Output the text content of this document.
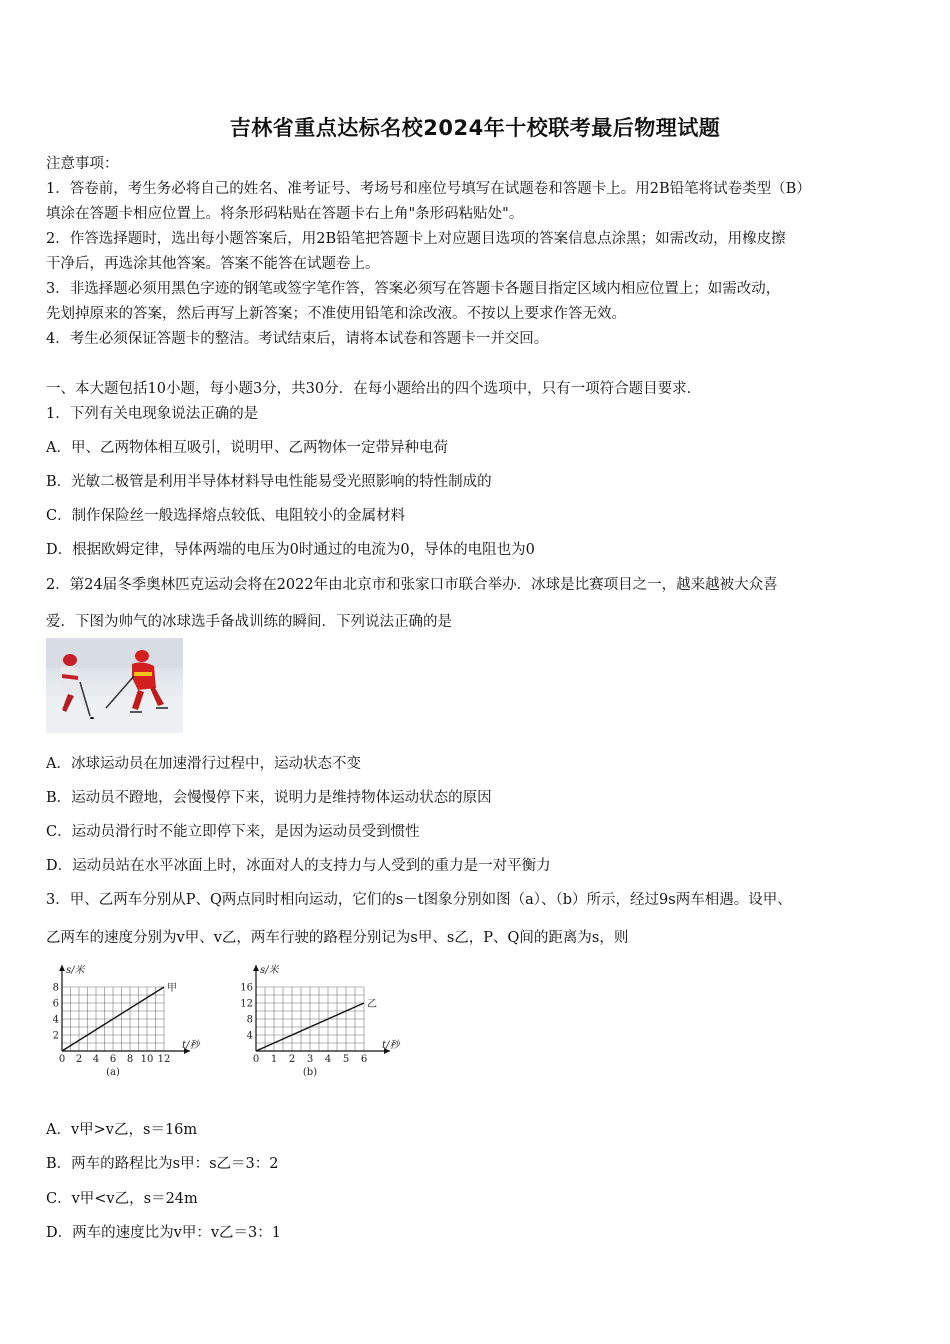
吉林省重点达标名校2024年十校联考最后物理试题
注意事项：
1．答卷前，考生务必将自己的姓名、准考证号、考场号和座位号填写在试题卷和答题卡上。用2B铅笔将试卷类型（B）
填涂在答题卡相应位置上。将条形码粘贴在答题卡右上角"条形码粘贴处"。
2．作答选择题时，选出每小题答案后，用2B铅笔把答题卡上对应题目选项的答案信息点涂黑；如需改动，用橡皮擦
干净后，再选涂其他答案。答案不能答在试题卷上。
3．非选择题必须用黑色字迹的钢笔或签字笔作答，答案必须写在答题卡各题目指定区域内相应位置上；如需改动，
先划掉原来的答案，然后再写上新答案；不准使用铅笔和涂改液。不按以上要求作答无效。
4．考生必须保证答题卡的整洁。考试结束后，请将本试卷和答题卡一并交回。
一、本大题包括10小题，每小题3分，共30分．在每小题给出的四个选项中，只有一项符合题目要求．
1．下列有关电现象说法正确的是
A．甲、乙两物体相互吸引，说明甲、乙两物体一定带异种电荷
B．光敏二极管是利用半导体材料导电性能易受光照影响的特性制成的
C．制作保险丝一般选择熔点较低、电阻较小的金属材料
D．根据欧姆定律，导体两端的电压为0时通过的电流为0，导体的电阻也为0
2．第24届冬季奥林匹克运动会将在2022年由北京市和张家口市联合举办．冰球是比赛项目之一，越来越被大众喜
爱．下图为帅气的冰球选手备战训练的瞬间．下列说法正确的是
A．冰球运动员在加速滑行过程中，运动状态不变
B．运动员不蹬地，会慢慢停下来，说明力是维持物体运动状态的原因
C．运动员滑行时不能立即停下来，是因为运动员受到惯性
D．运动员站在水平冰面上时，冰面对人的支持力与人受到的重力是一对平衡力
3．甲、乙两车分别从P、Q两点同时相向运动，它们的s－t图象分别如图（a）、（b）所示，经过9s两车相遇。设甲、
乙两车的速度分别为v甲、v乙，两车行驶的路程分别记为s甲、s乙，P、Q间的距离为s，则
0 2 4 6 8 10 12
2
4
6
8
s/米
t/秒
甲
(a)
0 1 2 3 4 5 6
4
8
12
16
s/米
t/秒
乙
(b)
A．v甲>v乙，s＝16m
B．两车的路程比为s甲：s乙＝3：2
C．v甲<v乙，s＝24m
D．两车的速度比为v甲：v乙＝3：1
